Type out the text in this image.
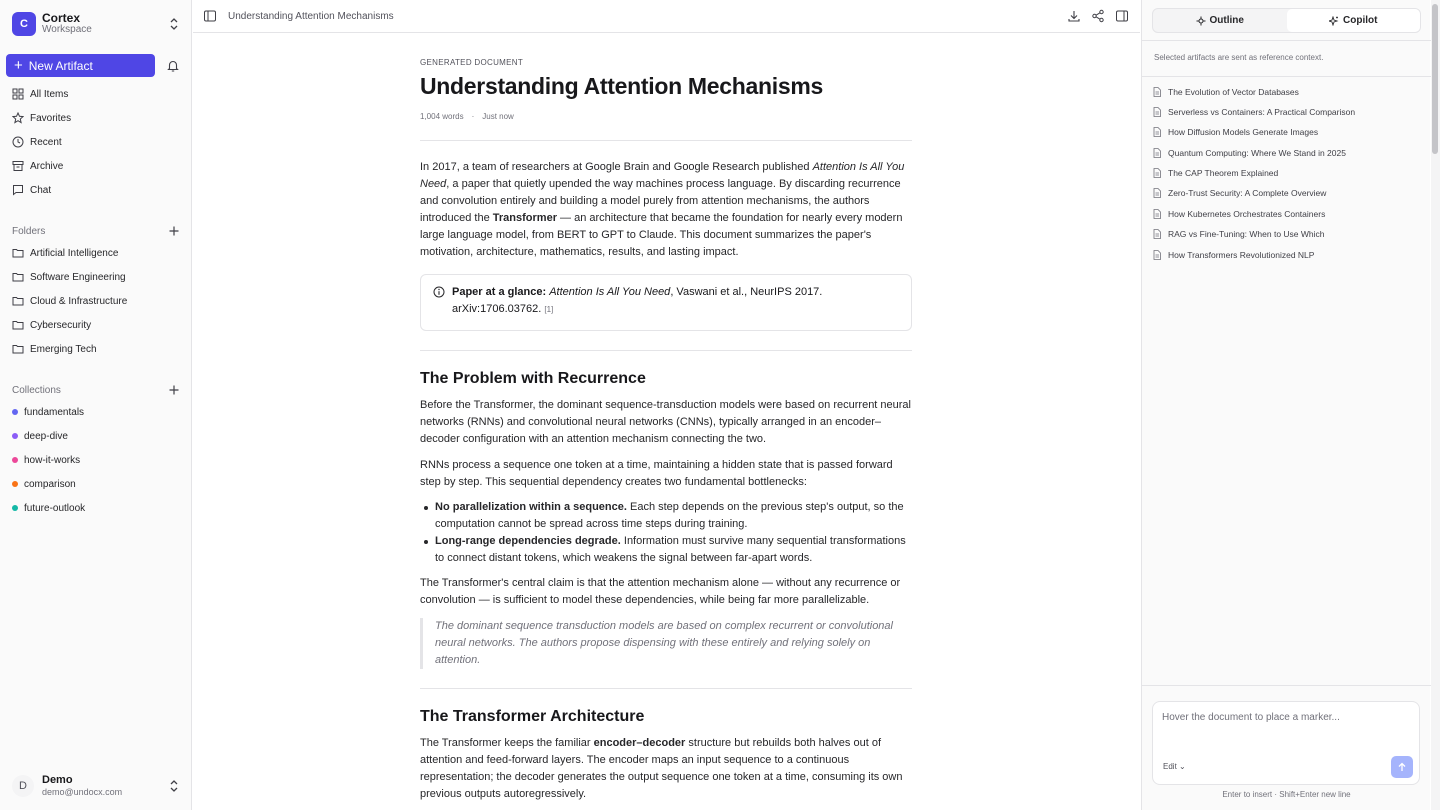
C	Cortex
Workspace
+ New Artifact
All Items
Favorites
Recent
Archive
Chat
Folders
Artificial Intelligence
Software Engineering
Cloud & Infrastructure
Cybersecurity
Emerging Tech
Collections
fundamentals
deep-dive
how-it-works
comparison
future-outlook
D	Demo
demo@undocx.com
Understanding Attention Mechanisms
GENERATED DOCUMENT
Understanding Attention Mechanisms
1,004 words · Just now

In 2017, a team of researchers at Google Brain and Google Research published Attention Is All You Need, a paper that quietly upended the way machines process language. By discarding recurrence and convolution entirely and building a model purely from attention mechanisms, the authors introduced the Transformer — an architecture that became the foundation for nearly every modern large language model, from BERT to GPT to Claude. This document summarizes the paper's motivation, architecture, mathematics, results, and lasting impact.

Paper at a glance: Attention Is All You Need, Vaswani et al., NeurIPS 2017. arXiv:1706.03762. [1]
The Problem with Recurrence

Before the Transformer, the dominant sequence-transduction models were based on recurrent neural networks (RNNs) and convolutional neural networks (CNNs), typically arranged in an encoder–decoder configuration with an attention mechanism connecting the two.

RNNs process a sequence one token at a time, maintaining a hidden state that is passed forward step by step. This sequential dependency creates two fundamental bottlenecks:

No parallelization within a sequence. Each step depends on the previous step's output, so the computation cannot be spread across time steps during training.
Long-range dependencies degrade. Information must survive many sequential transformations to connect distant tokens, which weakens the signal between far-apart words.

The Transformer's central claim is that the attention mechanism alone — without any recurrence or convolution — is sufficient to model these dependencies, while being far more parallelizable.

The dominant sequence transduction models are based on complex recurrent or convolutional neural networks. The authors propose dispensing with these entirely and relying solely on attention.
The Transformer Architecture

The Transformer keeps the familiar encoder–decoder structure but rebuilds both halves out of attention and feed-forward layers. The encoder maps an input sequence to a continuous representation; the decoder generates the output sequence one token at a time, consuming its own previous outputs autoregressively.

Outline	Copilot
Selected artifacts are sent as reference context.
The Evolution of Vector Databases
Serverless vs Containers: A Practical Comparison
How Diffusion Models Generate Images
Quantum Computing: Where We Stand in 2025
The CAP Theorem Explained
Zero-Trust Security: A Complete Overview
How Kubernetes Orchestrates Containers
RAG vs Fine-Tuning: When to Use Which
How Transformers Revolutionized NLP
Hover the document to place a marker...
Edit ⌄
Enter to insert · Shift+Enter new line
